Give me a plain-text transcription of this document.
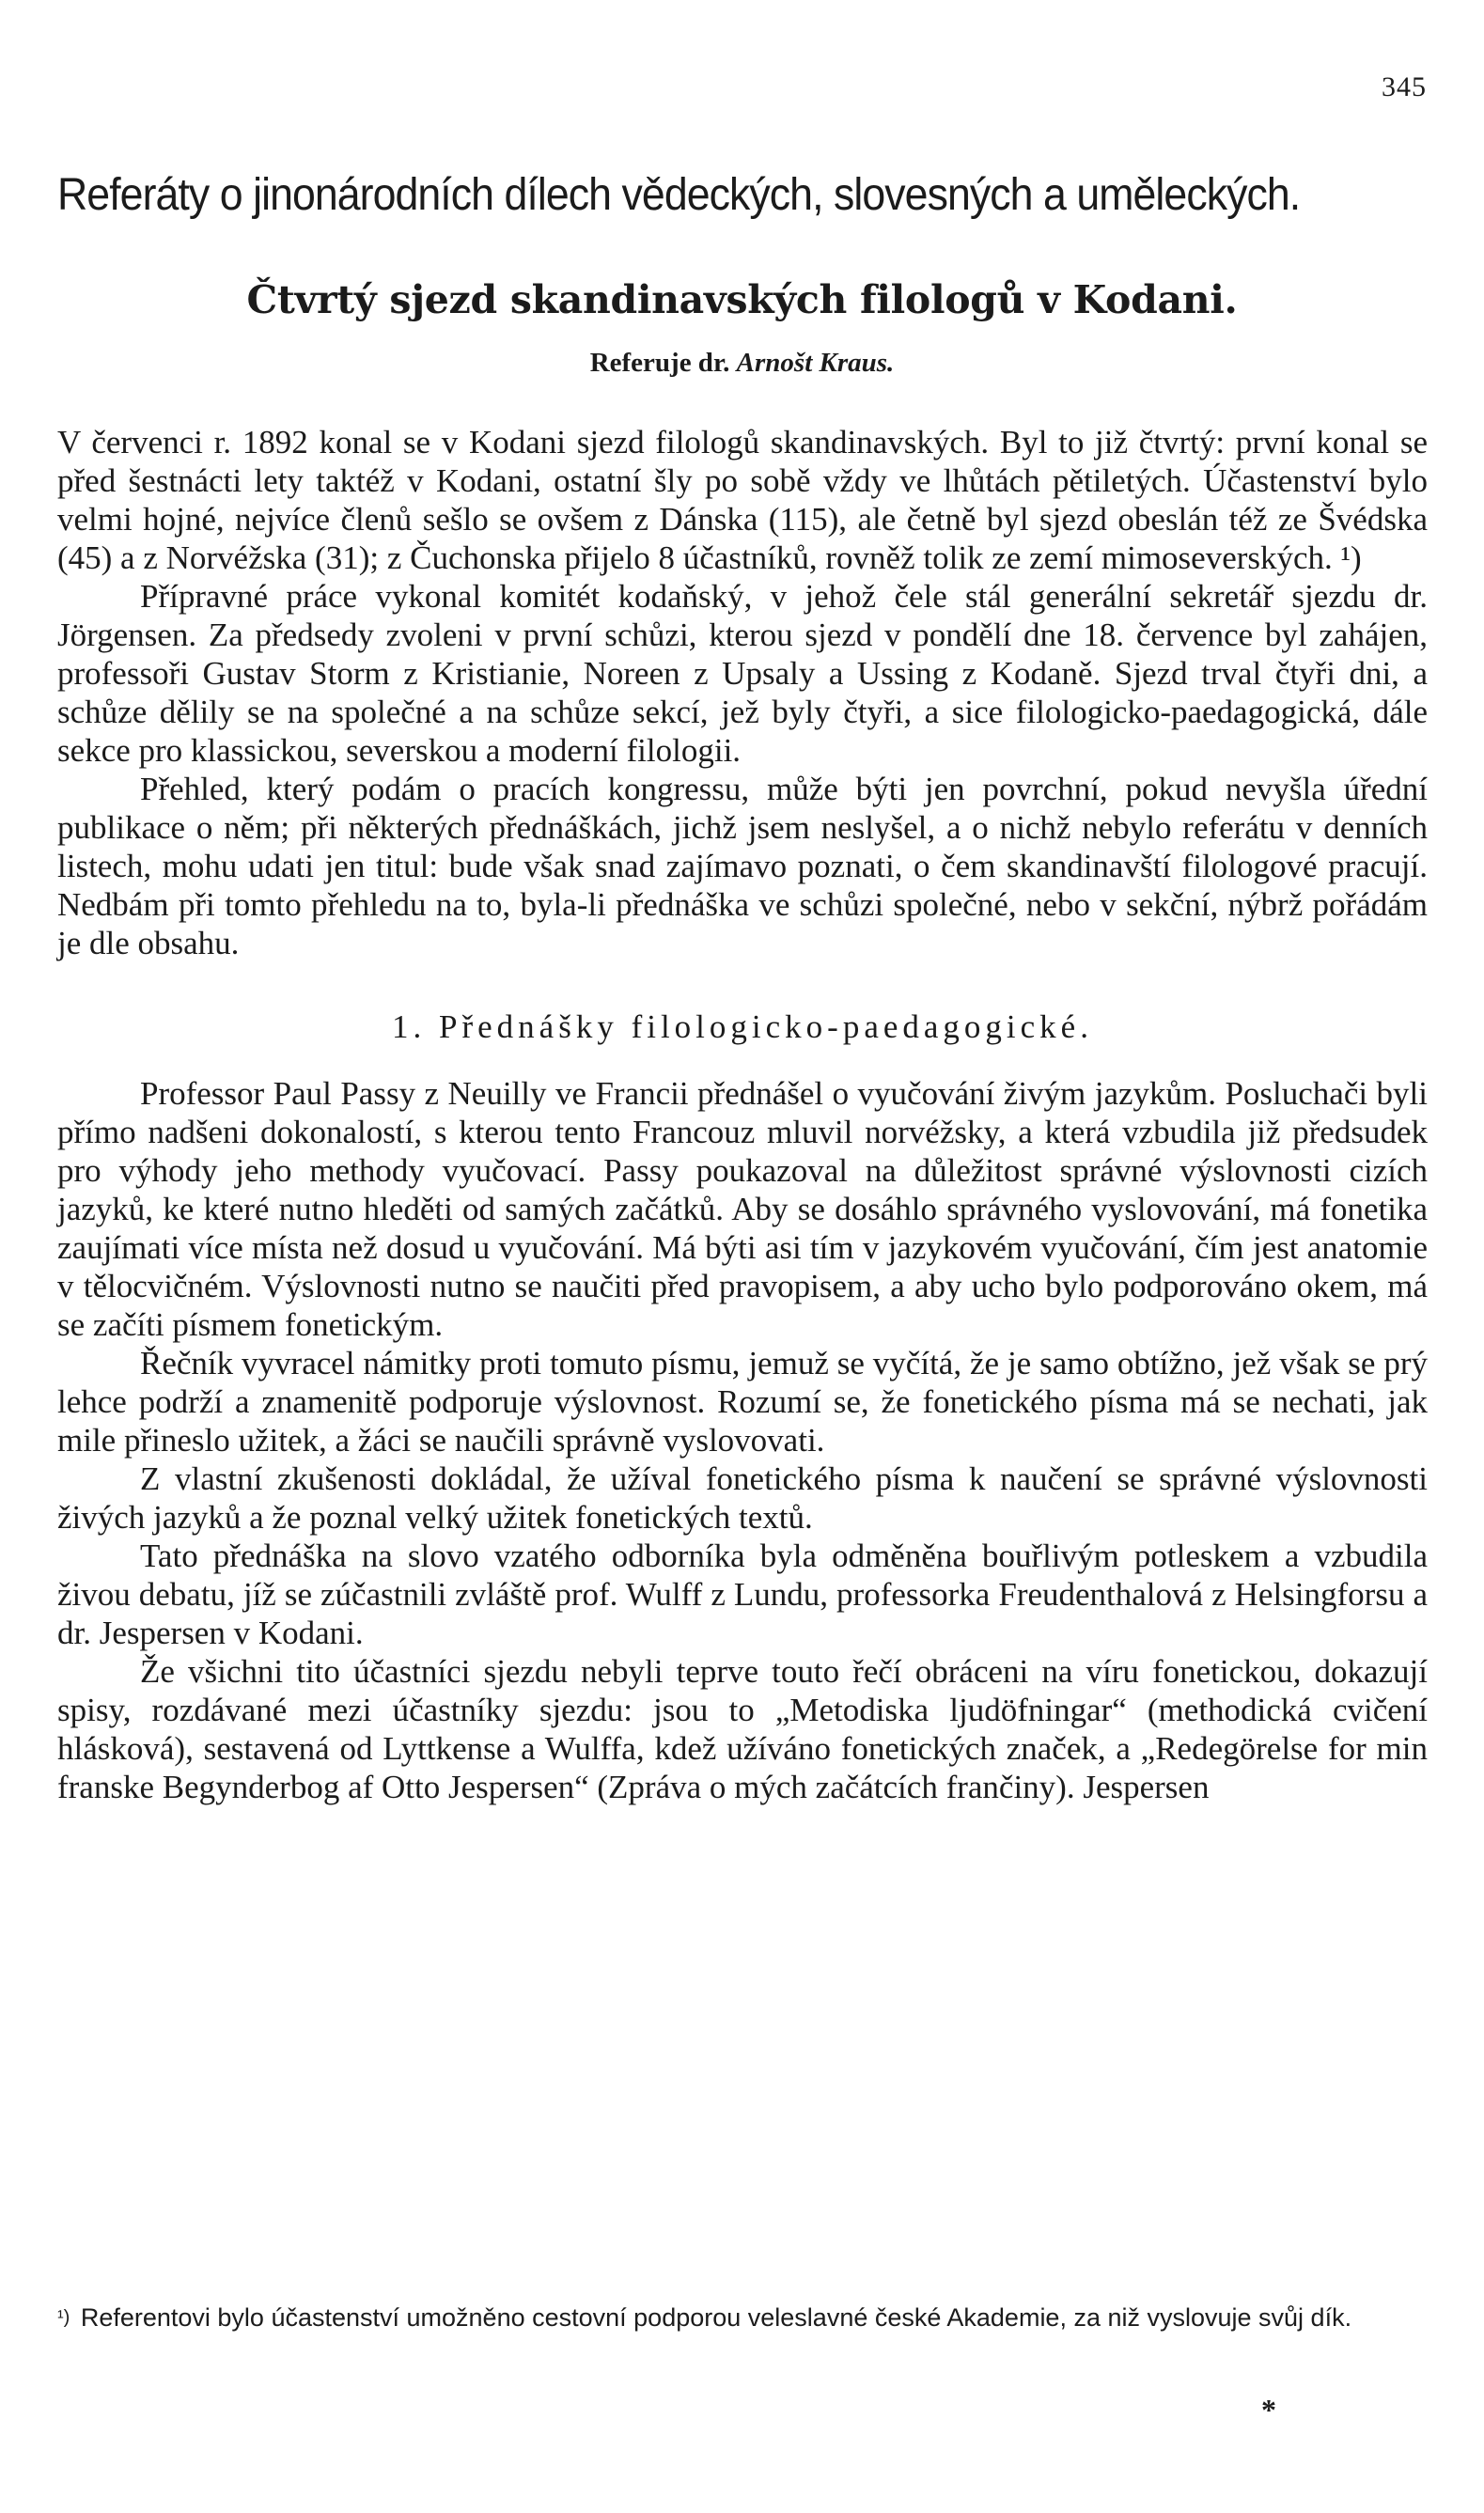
345
Referáty o jinonárodních dílech vědeckých, slovesných a uměleckých.
Čtvrtý sjezd skandinavských filologů v Kodani.
Referuje dr. Arnošt Kraus.

V červenci r. 1892 konal se v Kodani sjezd filologů skandinavských. Byl to již čtvrtý: první konal se před šestnácti lety taktéž v Kodani, ostatní šly po sobě vždy ve lhůtách pětiletých. Účastenství bylo velmi hojné, nejvíce členů sešlo se ovšem z Dánska (115), ale četně byl sjezd obeslán též ze Švédska (45) a z Norvéžska (31); z Čuchonska přijelo 8 účastníků, rovněž tolik ze zemí mimoseverských. ¹)

Přípravné práce vykonal komitét kodaňský, v jehož čele stál generální sekretář sjezdu dr. Jörgensen. Za předsedy zvoleni v první schůzi, kterou sjezd v pondělí dne 18. července byl zahájen, professoři Gustav Storm z Kristianie, Noreen z Upsaly a Ussing z Kodaně. Sjezd trval čtyři dni, a schůze dělily se na společné a na schůze sekcí, jež byly čtyři, a sice filologicko-paedagogická, dále sekce pro klassickou, severskou a moderní filologii.

Přehled, který podám o pracích kongressu, může býti jen povrchní, pokud nevyšla úřední publikace o něm; při některých přednáškách, jichž jsem neslyšel, a o nichž nebylo referátu v denních listech, mohu udati jen titul: bude však snad zajímavo poznati, o čem skandinavští filologové pracují. Nedbám při tomto přehledu na to, byla-li přednáška ve schůzi společné, nebo v sekční, nýbrž pořádám je dle obsahu.

1. Přednášky filologicko-paedagogické.

Professor Paul Passy z Neuilly ve Francii přednášel o vyučování živým jazykům. Posluchači byli přímo nadšeni dokonalostí, s kterou tento Francouz mluvil norvéžsky, a která vzbudila již předsudek pro výhody jeho methody vyučovací. Passy poukazoval na důležitost správné výslovnosti cizích jazyků, ke které nutno hleděti od samých začátků. Aby se dosáhlo správného vyslovování, má fonetika zaujímati více místa než dosud u vyučování. Má býti asi tím v jazykovém vyučování, čím jest anatomie v tělocvičném. Výslovnosti nutno se naučiti před pravopisem, a aby ucho bylo podporováno okem, má se začíti písmem fonetickým.

Řečník vyvracel námitky proti tomuto písmu, jemuž se vyčítá, že je samo obtížno, jež však se prý lehce podrží a znamenitě podporuje výslovnost. Rozumí se, že fonetického písma má se nechati, jak mile přineslo užitek, a žáci se naučili správně vyslovovati.

Z vlastní zkušenosti dokládal, že užíval fonetického písma k naučení se správné výslovnosti živých jazyků a že poznal velký užitek fonetických textů.

Tato přednáška na slovo vzatého odborníka byla odměněna bouřlivým potleskem a vzbudila živou debatu, jíž se zúčastnili zvláště prof. Wulff z Lundu, professorka Freudenthalová z Helsingforsu a dr. Jespersen v Kodani.

Že všichni tito účastníci sjezdu nebyli teprve touto řečí obráceni na víru fonetickou, dokazují spisy, rozdávané mezi účastníky sjezdu: jsou to „Metodiska ljudöfningar“ (methodická cvičení hlásková), sestavená od Lyttkense a Wulffa, kdež užíváno fonetických značek, a „Redegörelse for min franske Begynderbog af Otto Jespersen“ (Zpráva o mých začátcích frančiny). Jespersen

$^{^1)}$ Referentovi bylo účastenství umožněno cestovní podporou veleslavné české Akademie, za niž vyslovuje svůj dík.
*
